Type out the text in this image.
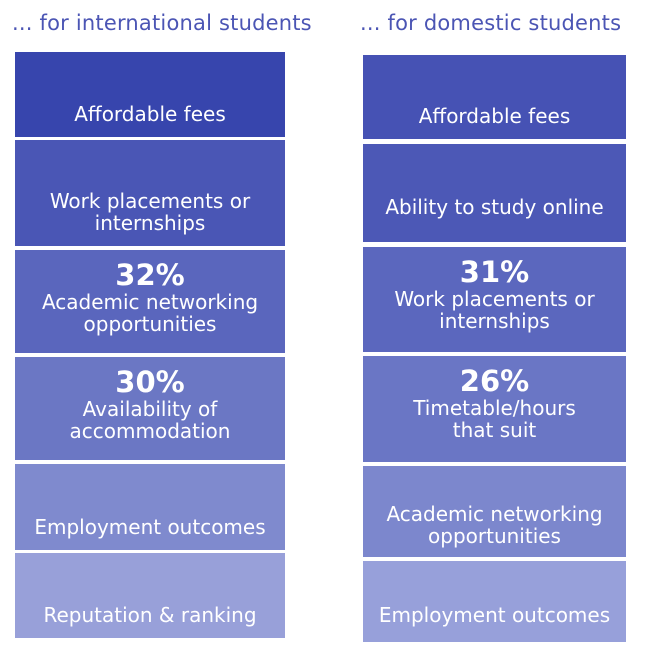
... for international students ... for domestic students
Affordable fees
Work placements or internships
32%
Academic networking opportunities
30%
Availability of accommodation
Employment outcomes
Reputation & ranking
Affordable fees
Ability to study online
31%
Work placements or internships
26%
Timetable/hours that suit
Academic networking opportunities
Employment outcomes
